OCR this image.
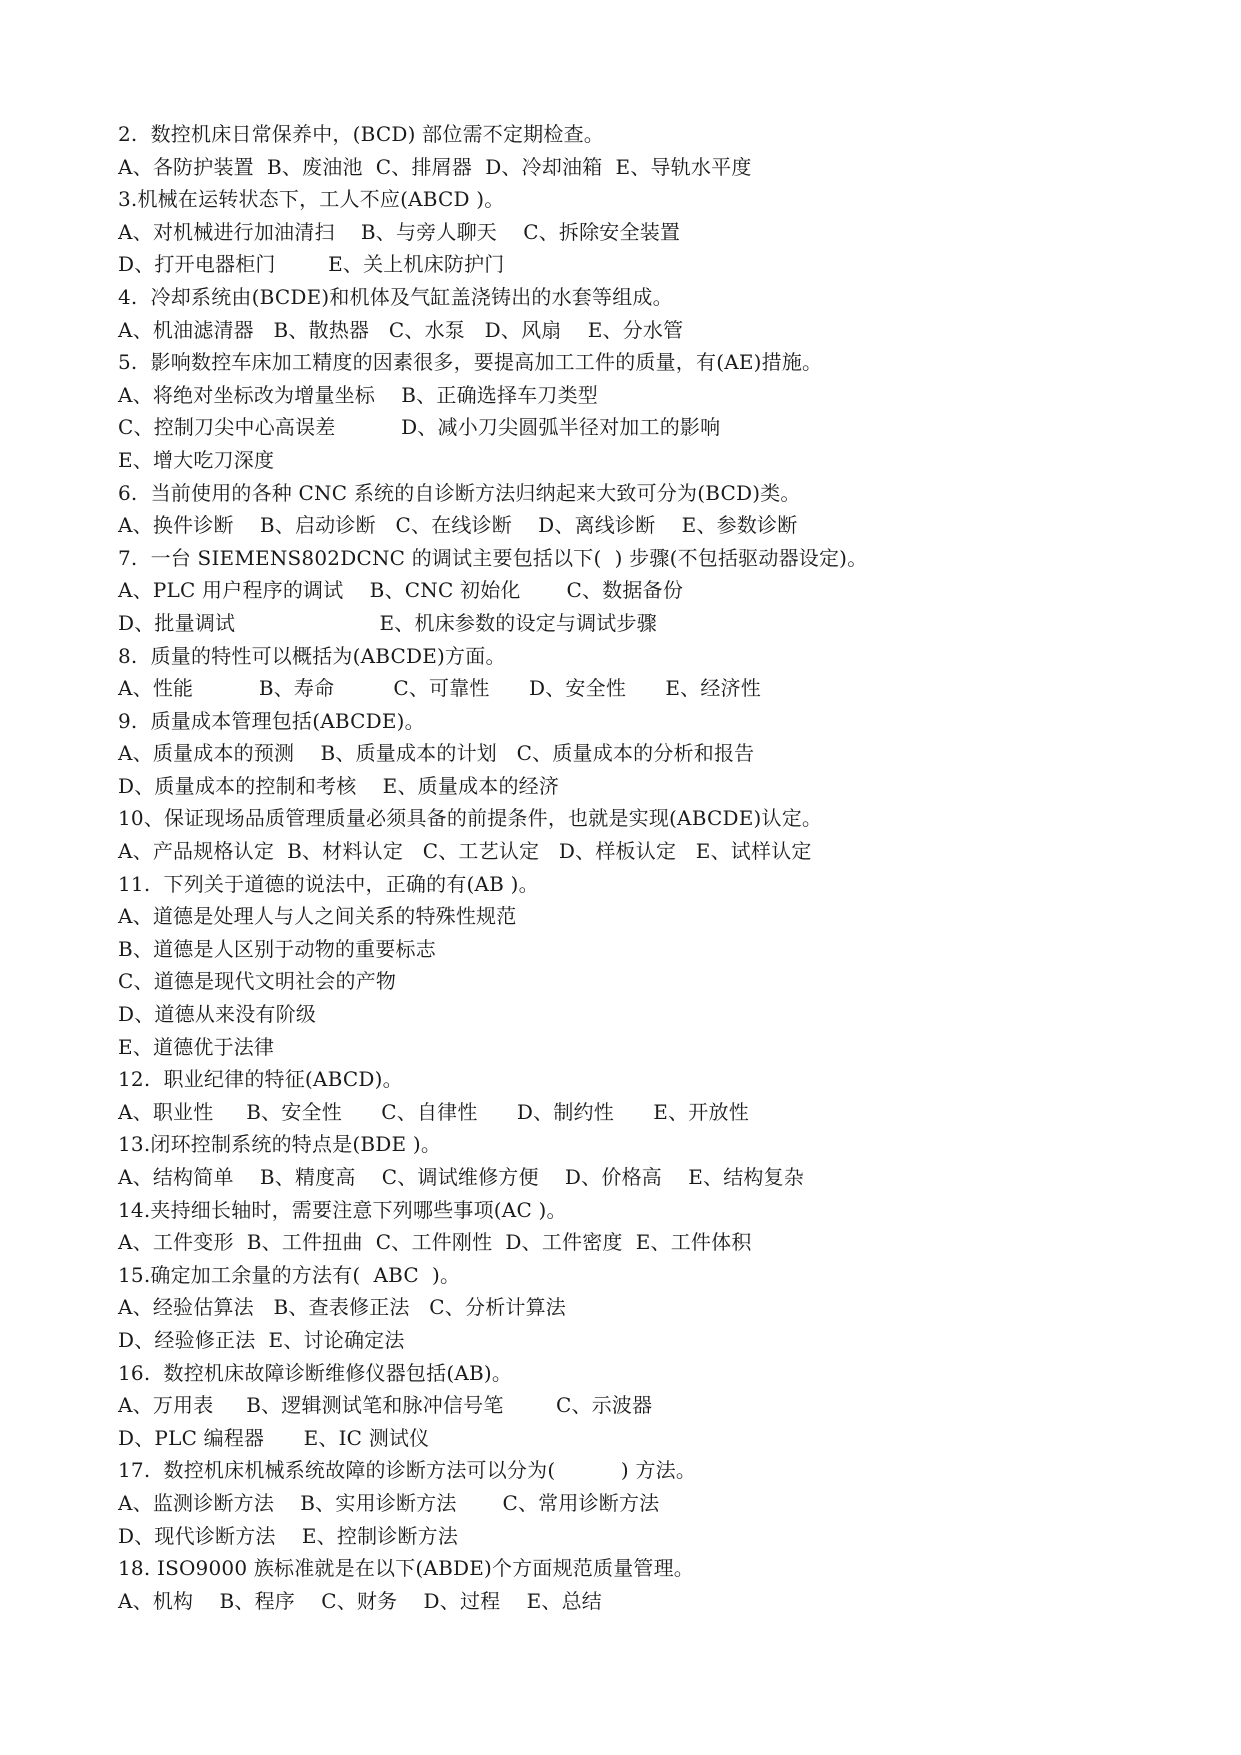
2.  数控机床日常保养中，(BCD) 部位需不定期检查。
A、各防护装置  B、废油池  C、排屑器  D、冷却油箱  E、导轨水平度
3.机械在运转状态下，工人不应(ABCD )。
A、对机械进行加油清扫    B、与旁人聊天    C、拆除安全装置
D、打开电器柜门        E、关上机床防护门
4.  冷却系统由(BCDE)和机体及气缸盖浇铸出的水套等组成。
A、机油滤清器   B、散热器   C、水泵   D、风扇    E、分水管
5.  影响数控车床加工精度的因素很多，要提高加工工件的质量，有(AE)措施。
A、将绝对坐标改为增量坐标    B、正确选择车刀类型
C、控制刀尖中心高误差          D、减小刀尖圆弧半径对加工的影响
E、增大吃刀深度
6.  当前使用的各种 CNC 系统的自诊断方法归纳起来大致可分为(BCD)类。
A、换件诊断    B、启动诊断   C、在线诊断    D、离线诊断    E、参数诊断
7.  一台 SIEMENS802DCNC 的调试主要包括以下(  ) 步骤(不包括驱动器设定)。
A、PLC 用户程序的调试    B、CNC 初始化       C、数据备份
D、批量调试                      E、机床参数的设定与调试步骤
8.  质量的特性可以概括为(ABCDE)方面。
A、性能          B、寿命         C、可靠性      D、安全性      E、经济性
9.  质量成本管理包括(ABCDE)。
A、质量成本的预测    B、质量成本的计划   C、质量成本的分析和报告
D、质量成本的控制和考核    E、质量成本的经济
10、保证现场品质管理质量必须具备的前提条件，也就是实现(ABCDE)认定。
A、产品规格认定  B、材料认定   C、工艺认定   D、样板认定   E、试样认定
11.  下列关于道德的说法中，正确的有(AB )。
A、道德是处理人与人之间关系的特殊性规范
B、道德是人区别于动物的重要标志
C、道德是现代文明社会的产物
D、道德从来没有阶级
E、道德优于法律
12.  职业纪律的特征(ABCD)。
A、职业性     B、安全性      C、自律性      D、制约性      E、开放性
13.闭环控制系统的特点是(BDE )。
A、结构简单    B、精度高    C、调试维修方便    D、价格高    E、结构复杂
14.夹持细长轴时，需要注意下列哪些事项(AC )。
A、工件变形  B、工件扭曲  C、工件刚性  D、工件密度  E、工件体积
15.确定加工余量的方法有(  ABC  )。
A、经验估算法   B、查表修正法   C、分析计算法
D、经验修正法  E、讨论确定法
16.  数控机床故障诊断维修仪器包括(AB)。
A、万用表     B、逻辑测试笔和脉冲信号笔        C、示波器
D、PLC 编程器      E、IC 测试仪
17.  数控机床机械系统故障的诊断方法可以分为(          ) 方法。
A、监测诊断方法    B、实用诊断方法       C、常用诊断方法
D、现代诊断方法    E、控制诊断方法
18. ISO9000 族标准就是在以下(ABDE)个方面规范质量管理。
A、机构    B、程序    C、财务    D、过程    E、总结
